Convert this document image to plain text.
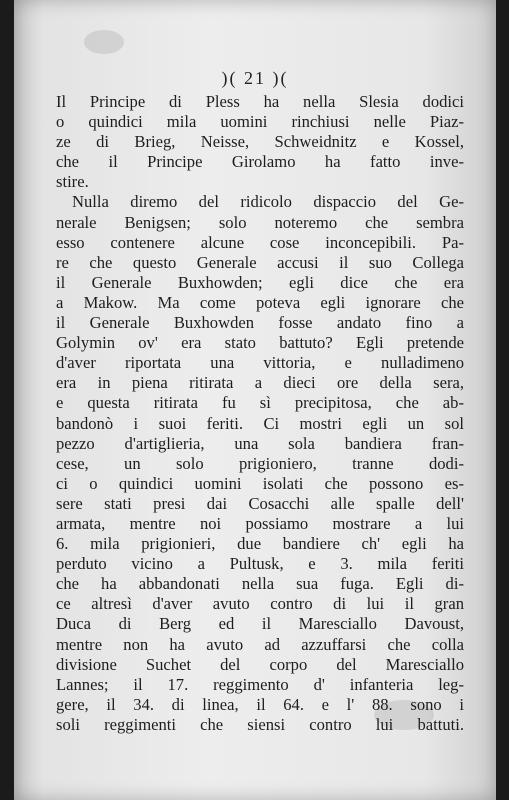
)( 21 )(
Il Principe di Pless ha nella Slesia dodici
o quindici mila uomini rinchiusi nelle Piaz-
ze di Brieg, Neisse, Schweidnitz e Kossel,
che il Principe Girolamo ha fatto inve-
stire.
Nulla diremo del ridicolo dispaccio del Ge-
nerale Benigsen; solo noteremo che sembra
esso contenere alcune cose inconcepibili. Pa-
re che questo Generale accusi il suo Collega
il Generale Buxhowden; egli dice che era
a Makow. Ma come poteva egli ignorare che
il Generale Buxhowden fosse andato fino a
Golymin ov' era stato battuto? Egli pretende
d'aver riportata una vittoria, e nulladimeno
era in piena ritirata a dieci ore della sera,
e questa ritirata fu sì precipitosa, che ab-
bandonò i suoi feriti. Ci mostri egli un sol
pezzo d'artiglieria, una sola bandiera fran-
cese, un solo prigioniero, tranne dodi-
ci o quindici uomini isolati che possono es-
sere stati presi dai Cosacchi alle spalle dell'
armata, mentre noi possiamo mostrare a lui
6. mila prigionieri, due bandiere ch' egli ha
perduto vicino a Pultusk, e 3. mila feriti
che ha abbandonati nella sua fuga. Egli di-
ce altresì d'aver avuto contro di lui il gran
Duca di Berg ed il Maresciallo Davoust,
mentre non ha avuto ad azzuffarsi che colla
divisione Suchet del corpo del Maresciallo
Lannes; il 17. reggimento d' infanteria leg-
gere, il 34. di linea, il 64. e l' 88. sono i
soli reggimenti che siensi contro lui battuti.
